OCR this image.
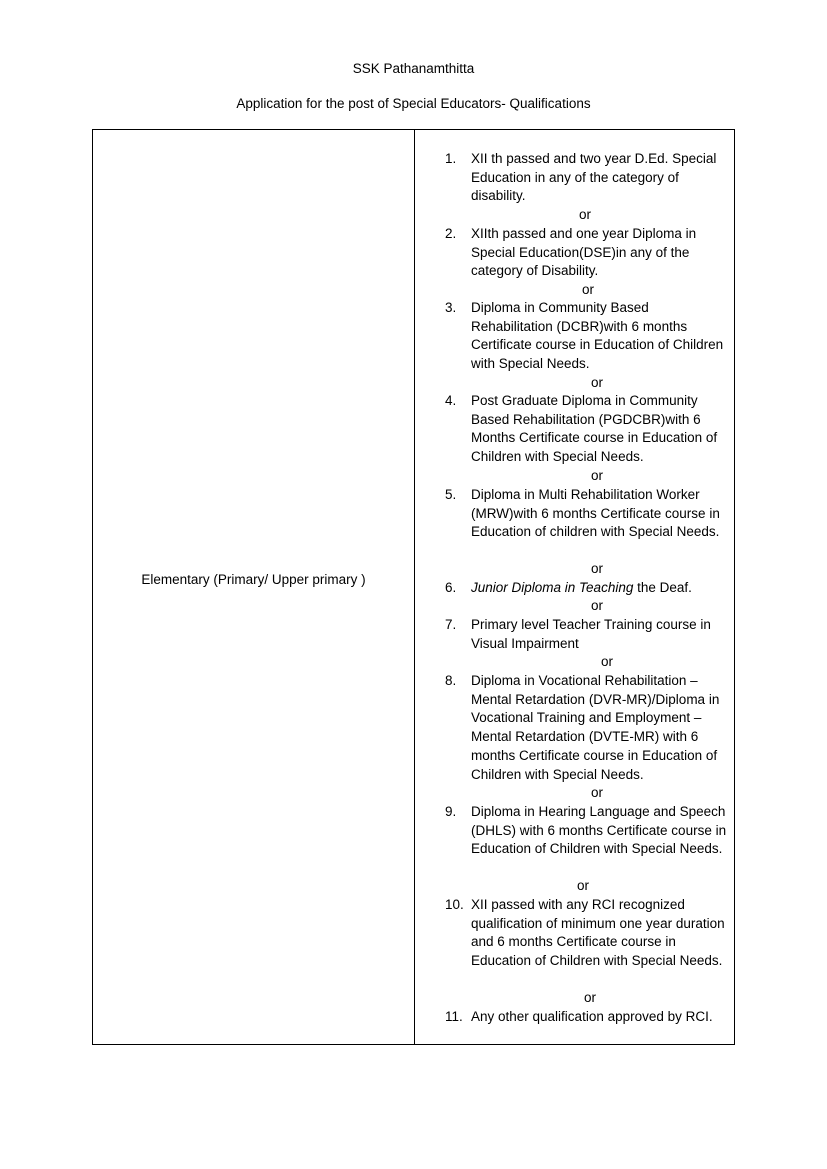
SSK Pathanamthitta
Application for the post of Special Educators- Qualifications
Elementary (Primary/ Upper primary )
1.	XII th passed and two year D.Ed. Special Education in any of the category of disability.
or
2.	XIIth passed and one year Diploma in Special Education(DSE)in any of the category of Disability.
or
3.	Diploma in Community Based Rehabilitation (DCBR)with 6 months Certificate course in Education of Children with Special Needs.
or
4.	Post Graduate Diploma in Community Based Rehabilitation (PGDCBR)with 6 Months Certificate course in Education of Children with Special Needs.
or
5.	Diploma in Multi Rehabilitation Worker (MRW)with 6 months Certificate course in Education of children with Special Needs.
or
6.	Junior Diploma in Teaching the Deaf.
or
7.	Primary level Teacher Training course in Visual Impairment
or
8.	Diploma in Vocational Rehabilitation – Mental Retardation (DVR-MR)/Diploma in Vocational Training and Employment – Mental Retardation (DVTE-MR) with 6 months Certificate course in Education of Children with Special Needs.
or
9.	Diploma in Hearing Language and Speech (DHLS) with 6 months Certificate course in Education of Children with Special Needs.
or
10. XII passed with any RCI recognized qualification of minimum one year duration and 6 months Certificate course in Education of Children with Special Needs.
or
11. Any other qualification approved by RCI.
